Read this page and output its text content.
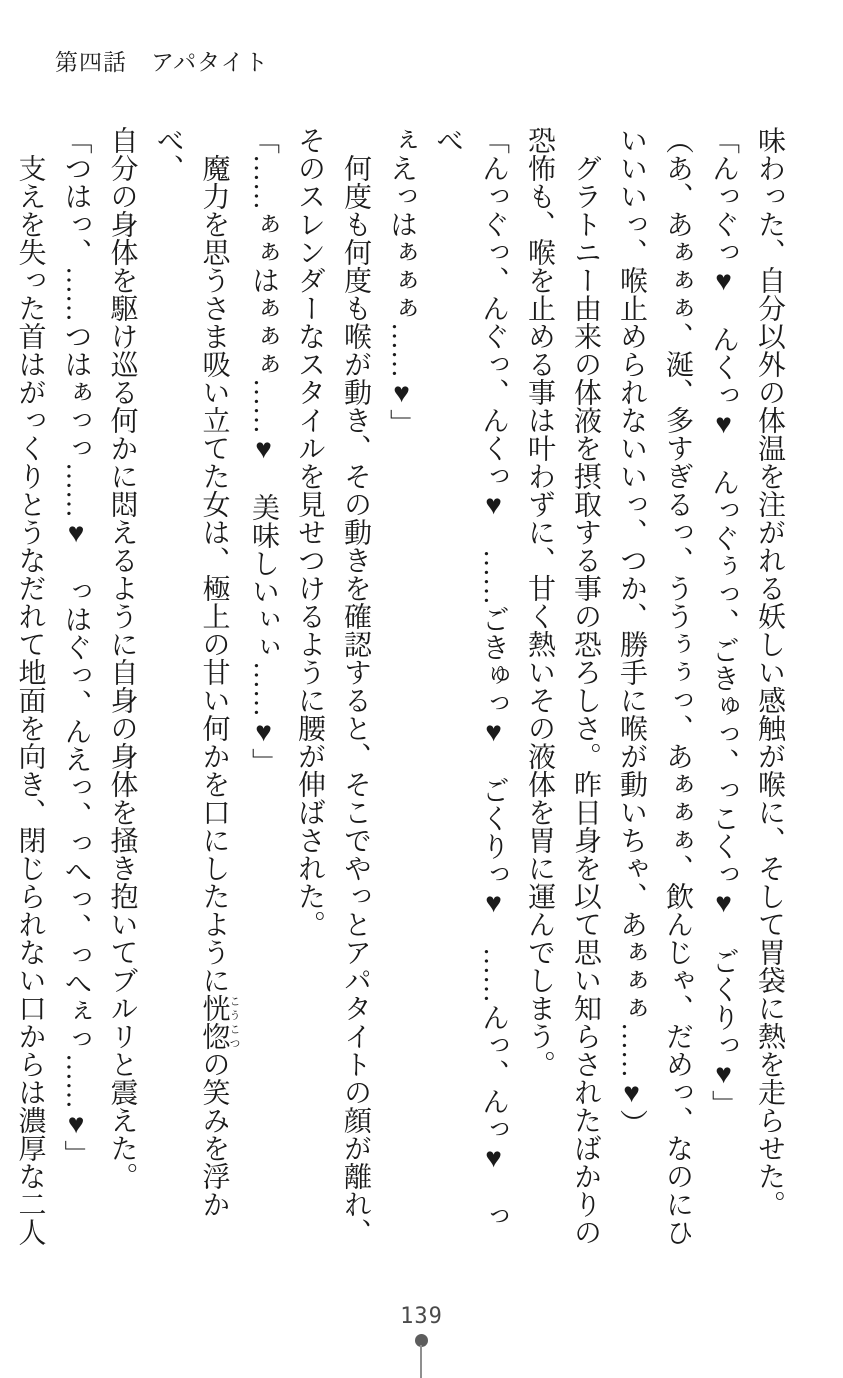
第四話　アパタイト
味わった、自分以外の体温を注がれる妖しい感触が喉に、そして胃袋に熱を走らせた。
「んっぐっ♥　んくっ♥　んっぐぅっ、ごきゅっ、っこくっ♥　ごくりっ♥」
（あ、あぁぁぁ、涎、多すぎるっ、ううぅぅっ、あぁぁぁ、飲んじゃ、だめっ、なのにひ
いいいっ、喉止められないいっ、つか、勝手に喉が動いちゃ、あぁぁぁ……♥）
グラトニー由来の体液を摂取する事の恐ろしさ。昨日身を以て思い知らされたばかりの
恐怖も、喉を止める事は叶わずに、甘く熱いその液体を胃に運んでしまう。
「んっぐっ、んぐっ、んくっ♥　……ごきゅっ♥　ごくりっ♥　……んっ、んっ♥　っべ
ぇえっはぁぁぁ……♥」
何度も何度も喉が動き、その動きを確認すると、そこでやっとアパタイトの顔が離れ、
そのスレンダーなスタイルを見せつけるように腰が伸ばされた。
「……ぁぁはぁぁぁ……♥　美味しいぃぃ……♥」
魔力を思うさま吸い立てた女は、極上の甘い何かを口にしたように恍惚こうこつの笑みを浮かべ、
自分の身体を駆け巡る何かに悶えるように自身の身体を掻き抱いてブルリと震えた。
「つはっ、……つはぁっっ……♥　っはぐっ、んえっ、っへっ、っへぇっ……♥」
支えを失った首はがっくりとうなだれて地面を向き、閉じられない口からは濃厚な二人
139
